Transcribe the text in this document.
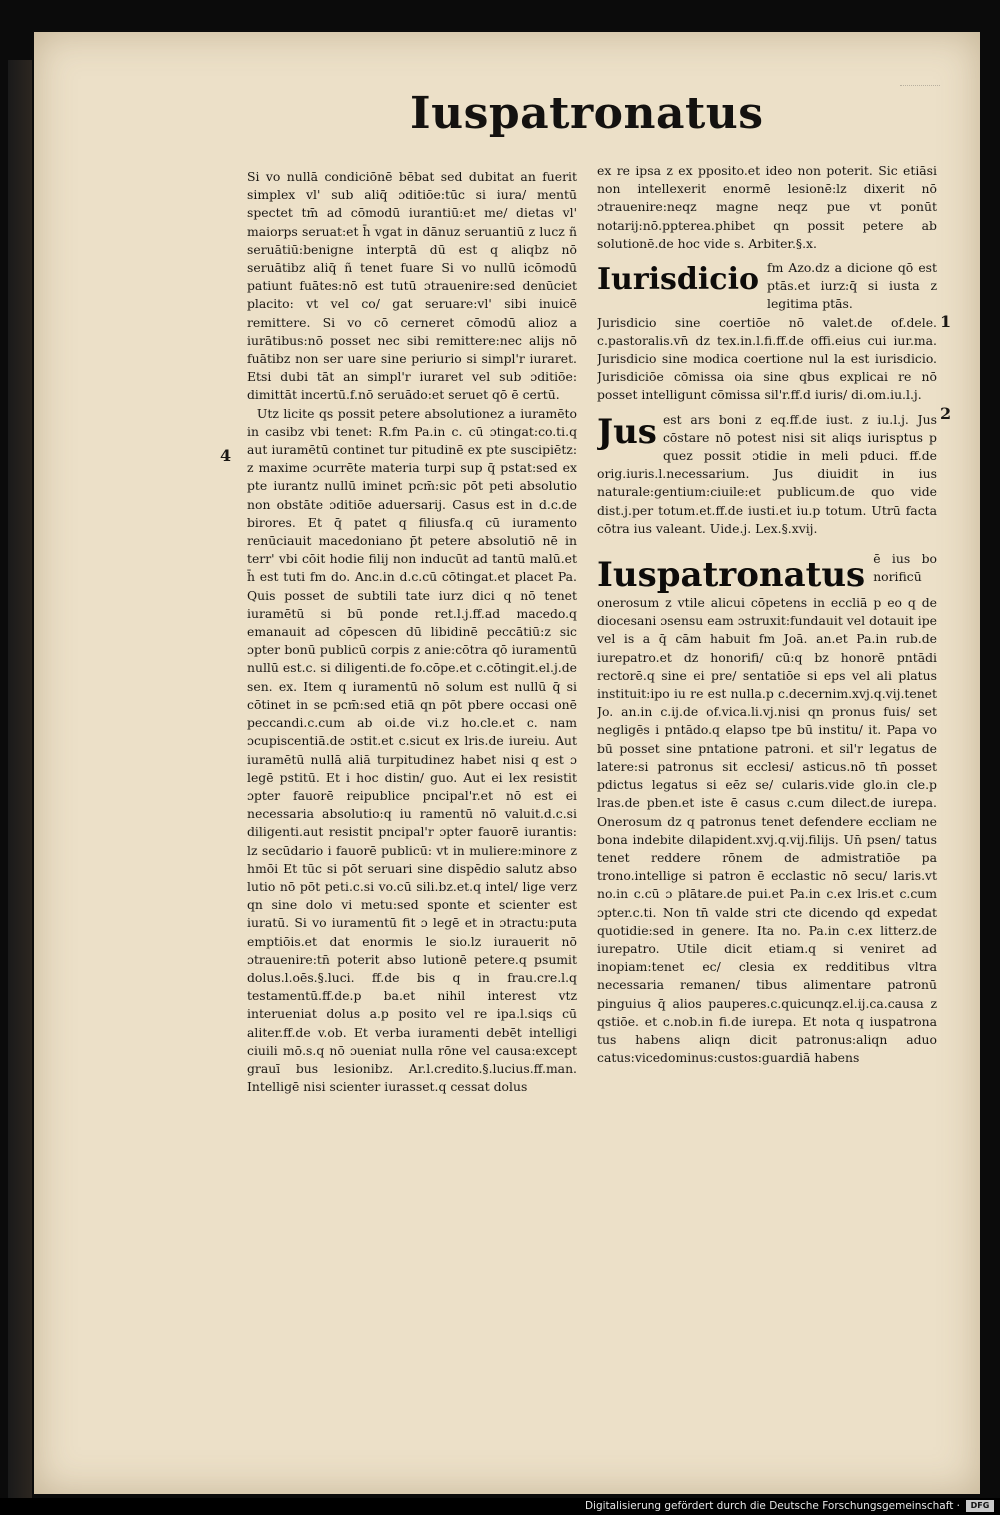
Iuspatronatus

Si vo nullā condiciōnē bēbat sed dubitat an fuerit simplex vl' sub aliq̄ ɔditiōe:tūc si iura/ mentū spectet tm̄ ad cōmodū iurantiū:et me/ dietas vl' maiorps seruat:et h̄ vgat in dānuz seruantiū z lucz ñ seruātiū:benigne interptā dū est q aliqbz nō seruātibz aliq̄ ñ tenet fuare Si vo nullū icōmodū patiunt fuātes:nō est tutū ɔtrauenire:sed denūciet placito: vt vel co/ gat seruare:vl' sibi inuicē remittere. Si vo cō cerneret cōmodū alioz a iurātibus:nō posset nec sibi remittere:nec alijs nō fuātibz non ser uare sine periurio si simpl'r iuraret. Etsi dubi tāt an simpl'r iuraret vel sub ɔditiōe: dimittāt incertū.f.nō seruādo:et seruet qō ē certū.

Utz licite qs possit petere absolutionez a iuramēto in casibz vbi tenet: R.fm Pa.in c. cū ɔtingat:co.ti.q aut iuramētū continet tur pitudinē ex pte suscipiētz: z maxime ɔcurrēte materia turpi sup q̄ pstat:sed ex pte iurantz nullū iminet pcm̄:sic pōt peti absolutio non obstāte ɔditiōe aduersarij. Casus est in d.c.de birores. Et q̄ patet q filiusfa.q cū iuramento renūciauit macedoniano p̄t petere absolutiō nē in terr' vbi cōit hodie filij non inducūt ad tantū malū.et h̄ est tuti fm do. Anc.in d.c.cū cōtingat.et placet Pa. Quis posset de subtili tate iurz dici q nō tenet iuramētū si bū ponde ret.l.j.ff.ad macedo.q emanauit ad cōpescen dū libidinē peccātiū:z sic ɔpter bonū publicū corpis z anie:cōtra qō iuramentū nullū est.c. si diligenti.de fo.cōpe.et c.cōtingit.el.j.de sen. ex. Item q iuramentū nō solum est nullū q̄ si cōtinet in se pcm̄:sed etiā qn pōt pbere occasi onē peccandi.c.cum ab oi.de vi.z ho.cle.et c. nam ɔcupiscentiā.de ɔstit.et c.sicut ex lris.de iureiu. Aut iuramētū nullā aliā turpitudinez habet nisi q est ɔ legē pstitū. Et i hoc distin/ guo. Aut ei lex resistit ɔpter fauorē reipublice pncipal'r.et nō est ei necessaria absolutio:q iu ramentū nō valuit.d.c.si diligenti.aut resistit pncipal'r ɔpter fauorē iurantis: lz secūdario i fauorē publicū: vt in muliere:minore z hmōi Et tūc si pōt seruari sine dispēdio salutz abso lutio nō pōt peti.c.si vo.cū sili.bz.et.q intel/ lige verz qn sine dolo vi metu:sed sponte et scienter est iuratū. Si vo iuramentū fit ɔ legē et in ɔtractu:puta emptiōis.et dat enormis le sio.lz iurauerit nō ɔtrauenire:tn̄ poterit abso lutionē petere.q psumit dolus.l.oēs.§.luci. ff.de bis q in frau.cre.l.q testamentū.ff.de.p ba.et nihil interest vtz interueniat dolus a.p posito vel re ipa.l.siqs cū aliter.ff.de v.ob. Et verba iuramenti debēt intelligi ciuili mō.s.q nō ɔueniat nulla rōne vel causa:except grauī bus lesionibz. Ar.l.credito.§.lucius.ff.man. Intelligē nisi scienter iurasset.q cessat dolus

ex re ipsa z ex pposito.et ideo non poterit. Sic etiāsi non intellexerit enormē lesionē:lz dixerit nō ɔtrauenire:neqz magne neqz pue vt ponūt notarij:nō.ppterea.phibet qn possit petere ab solutionē.de hoc vide s. Arbiter.§.x.

Iurisdicio fm Azo.dz a dicione qō est ptās.et iurz:q̄ si iusta z legitima ptās.

Jurisdicio sine coertiōe nō valet.de of.dele. c.pastoralis.vn̄ dz tex.in.l.fi.ff.de offi.eius cui iur.ma. Jurisdicio sine modica coertione nul la est iurisdicio. Jurisdiciōe cōmissa oia sine qbus explicai re nō posset intelligunt cōmissa sil'r.ff.d iuris/ di.om.iu.l.j.

Jus est ars boni z eq.ff.de iust. z iu.l.j. Jus cōstare nō potest nisi sit aliqs iurisptus p quez possit ɔtidie in meli pduci. ff.de orig.iuris.l.necessarium. Jus diuidit in ius naturale:gentium:ciuile:et publicum.de quo vide dist.j.per totum.et.ff.de iusti.et iu.p totum. Utrū facta cōtra ius valeant. Uide.j. Lex.§.xvij.
Iuspatronatus ē ius bo norificū

onerosum z vtile alicui cōpetens in eccliā p eo q de diocesani ɔsensu eam ɔstruxit:fundauit vel dotauit ipe vel is a q̄ cām habuit fm Joā. an.et Pa.in rub.de iurepatro.et dz honorifi/ cū:q bz honorē pntādi rectorē.q sine ei pre/ sentatiōe si eps vel ali platus instituit:ipo iu re est nulla.p c.decernim.xvj.q.vij.tenet Jo. an.in c.ij.de of.vica.li.vj.nisi qn pronus fuis/ set negligēs i pntādo.q elapso tpe bū institu/ it. Papa vo bū posset sine pntatione patroni. et sil'r legatus de latere:si patronus sit ecclesi/ asticus.nō tn̄ posset pdictus legatus si eēz se/ cularis.vide glo.in cle.p lras.de pben.et iste ē casus c.cum dilect.de iurepa. Onerosum dz q patronus tenet defendere eccliam ne bona indebite dilapident.xvj.q.vij.filijs. Un̄ psen/ tatus tenet reddere rōnem de admistratiōe pa trono.intellige si patron ē ecclastic nō secu/ laris.vt no.in c.cū ɔ plātare.de pui.et Pa.in c.ex lris.et c.cum ɔpter.c.ti. Non tn̄ valde stri cte dicendo qd expedat quotidie:sed in genere. Ita no. Pa.in c.ex litterz.de iurepatro. Utile dicit etiam.q si veniret ad inopiam:tenet ec/ clesia ex redditibus vltra necessaria remanen/ tibus alimentare patronū pinguius q̄ alios pauperes.c.quicunqz.el.ij.ca.causa z qstiōe. et c.nob.in fi.de iurepa. Et nota q iuspatrona tus habens aliqn dicit patronus:aliqn aduo catus:vicedominus:custos:guardiā habens

4
1
2
Digitalisierung gefördert durch die Deutsche Forschungsgemeinschaft ·	DFG
